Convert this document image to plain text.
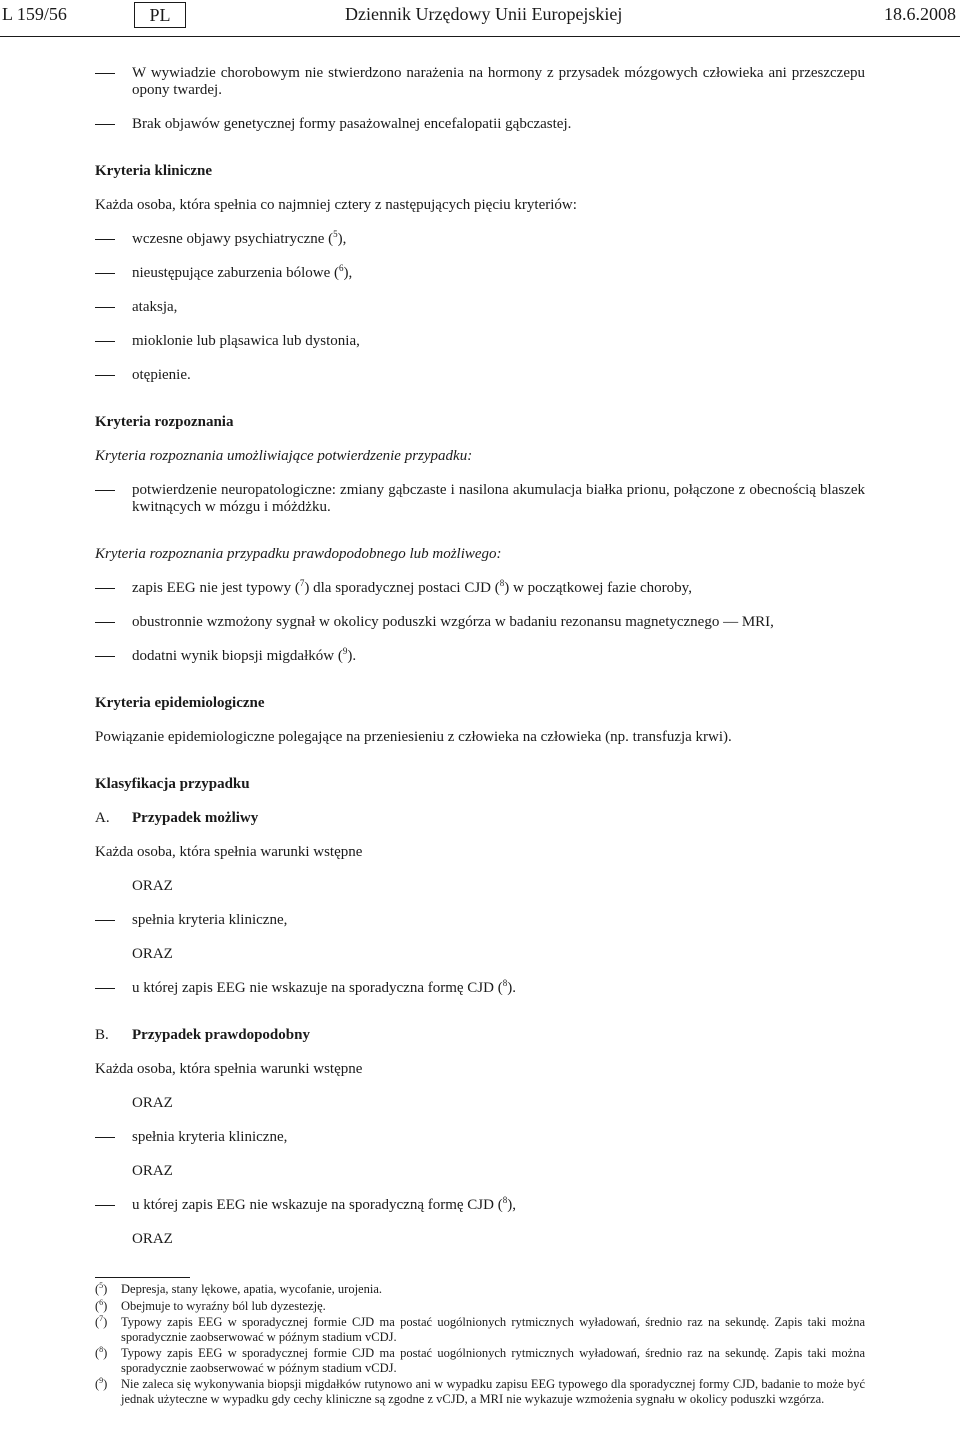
L 159/56	PL	Dziennik Urzędowy Unii Europejskiej	18.6.2008
W wywiadzie chorobowym nie stwierdzono narażenia na hormony z przysadek mózgowych człowieka ani przeszczepu opony twardej.
Brak objawów genetycznej formy pasażowalnej encefalopatii gąbczastej.

Kryteria kliniczne

Każda osoba, która spełnia co najmniej cztery z następujących pięciu kryteriów:

wczesne objawy psychiatryczne ($^5$),
nieustępujące zaburzenia bólowe ($^6$),
ataksja,
mioklonie lub pląsawica lub dystonia,
otępienie.

Kryteria rozpoznania

Kryteria rozpoznania umożliwiające potwierdzenie przypadku:

potwierdzenie neuropatologiczne: zmiany gąbczaste i nasilona akumulacja białka prionu, połączone z obecnością blaszek kwitnących w mózgu i móżdżku.

Kryteria rozpoznania przypadku prawdopodobnego lub możliwego:

zapis EEG nie jest typowy ($^7$) dla sporadycznej postaci CJD ($^8$) w początkowej fazie choroby,
obustronnie wzmożony sygnał w okolicy poduszki wzgórza w badaniu rezonansu magnetycznego — MRI,
dodatni wynik biopsji migdałków ($^9$).

Kryteria epidemiologiczne

Powiązanie epidemiologiczne polegające na przeniesieniu z człowieka na człowieka (np. transfuzja krwi).

Klasyfikacja przypadku

A.	Przypadek możliwy

Każda osoba, która spełnia warunki wstępne

ORAZ

spełnia kryteria kliniczne,

ORAZ

u której zapis EEG nie wskazuje na sporadyczna formę CJD ($^8$).
B.	Przypadek prawdopodobny

Każda osoba, która spełnia warunki wstępne

ORAZ

spełnia kryteria kliniczne,

ORAZ

u której zapis EEG nie wskazuje na sporadyczną formę CJD ($^8$),

ORAZ

($^5$)	Depresja, stany lękowe, apatia, wycofanie, urojenia.
($^6$)	Obejmuje to wyraźny ból lub dyzestezję.
($^7$)	Typowy zapis EEG w sporadycznej formie CJD ma postać uogólnionych rytmicznych wyładowań, średnio raz na sekundę. Zapis taki można sporadycznie zaobserwować w późnym stadium vCDJ.
($^8$)	Typowy zapis EEG w sporadycznej formie CJD ma postać uogólnionych rytmicznych wyładowań, średnio raz na sekundę. Zapis taki można sporadycznie zaobserwować w późnym stadium vCDJ.
($^9$)	Nie zaleca się wykonywania biopsji migdałków rutynowo ani w wypadku zapisu EEG typowego dla sporadycznej formy CJD, badanie to może być jednak użyteczne w wypadku gdy cechy kliniczne są zgodne z vCJD, a MRI nie wykazuje wzmożenia sygnału w okolicy poduszki wzgórza.
